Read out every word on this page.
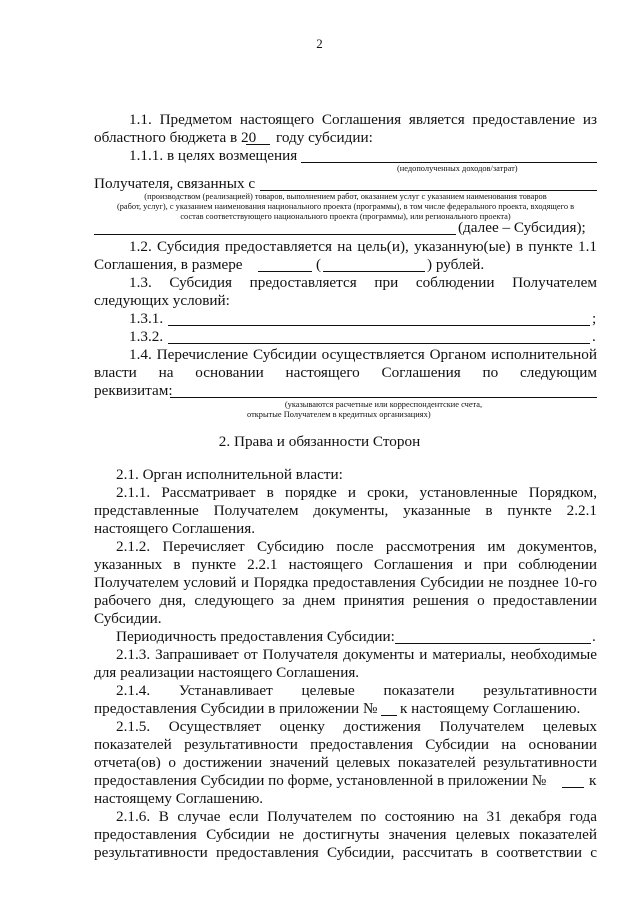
2
1.1. Предметом настоящего Соглашения является предоставление из
областного бюджета в 20 году субсидии:
1.1.1. в целях возмещения
(недополученных доходов/затрат)
Получателя, связанных с
(производством (реализацией) товаров, выполнением работ, оказанием услуг с указанием наименования товаров
(работ, услуг), с указанием наименования национального проекта (программы), в том числе федерального проекта, входящего в
состав соответствующего национального проекта (программы), или регионального проекта)
(далее – Субсидия);
1.2. Субсидия предоставляется на цель(и), указанную(ые) в пункте 1.1
Соглашения, в размере	(	) рублей.
1.3. Субсидия предоставляется при соблюдении Получателем
следующих условий:
1.3.1.	;
1.3.2.	.
1.4. Перечисление Субсидии осуществляется Органом исполнительной
власти на основании настоящего Соглашения по следующим
реквизитам:
(указываются расчетные или корреспондентские счета,
открытые Получателем в кредитных организациях)
2. Права и обязанности Сторон
2.1. Орган исполнительной власти:
2.1.1. Рассматривает в порядке и сроки, установленные Порядком,
представленные Получателем документы, указанные в пункте 2.2.1
настоящего Соглашения.
2.1.2. Перечисляет Субсидию после рассмотрения им документов,
указанных в пункте 2.2.1 настоящего Соглашения и при соблюдении
Получателем условий и Порядка предоставления Субсидии не позднее 10-го
рабочего дня, следующего за днем принятия решения о предоставлении
Субсидии.
Периодичность предоставления Субсидии:	.
2.1.3. Запрашивает от Получателя документы и материалы, необходимые
для реализации настоящего Соглашения.
2.1.4. Устанавливает целевые показатели результативности
предоставления Субсидии в приложении № к настоящему Соглашению.
2.1.5. Осуществляет оценку достижения Получателем целевых
показателей результативности предоставления Субсидии на основании
отчета(ов) о достижении значений целевых показателей результативности
предоставления Субсидии по форме, установленной в приложении №	к
настоящему Соглашению.
2.1.6. В случае если Получателем по состоянию на 31 декабря года
предоставления Субсидии не достигнуты значения целевых показателей
результативности предоставления Субсидии, рассчитать в соответствии с
